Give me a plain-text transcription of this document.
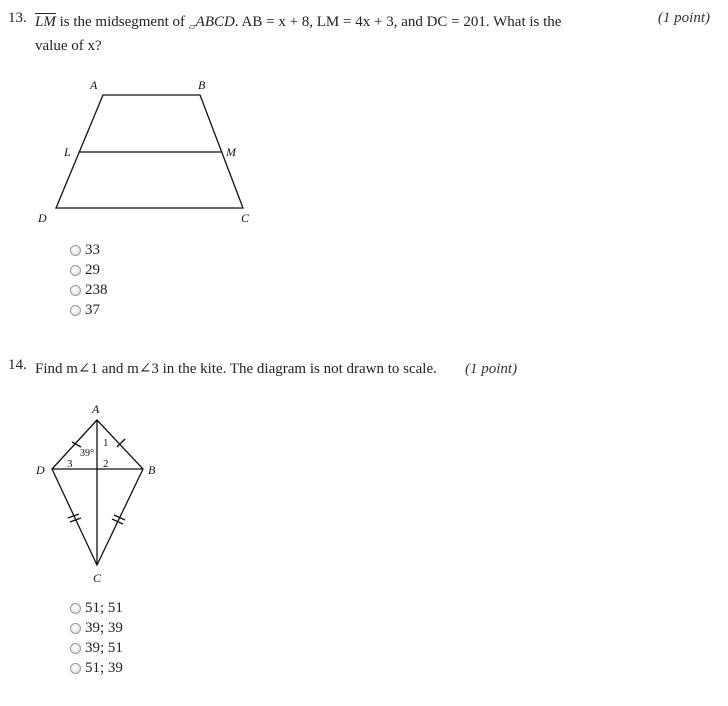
13. $\overline{LM}$ is the midsegment of $_▱$ABCD. AB = x + 8, LM = 4x + 3, and DC = 201. What is the
value of x?
(1 point)
A	B
L	M
D	C
33
29
238
37
14. Find m∠1 and m∠3 in the kite. The diagram is not drawn to scale. (1 point)
A
B
C
D
1
2
3
39°
51; 51
39; 39
39; 51
51; 39
